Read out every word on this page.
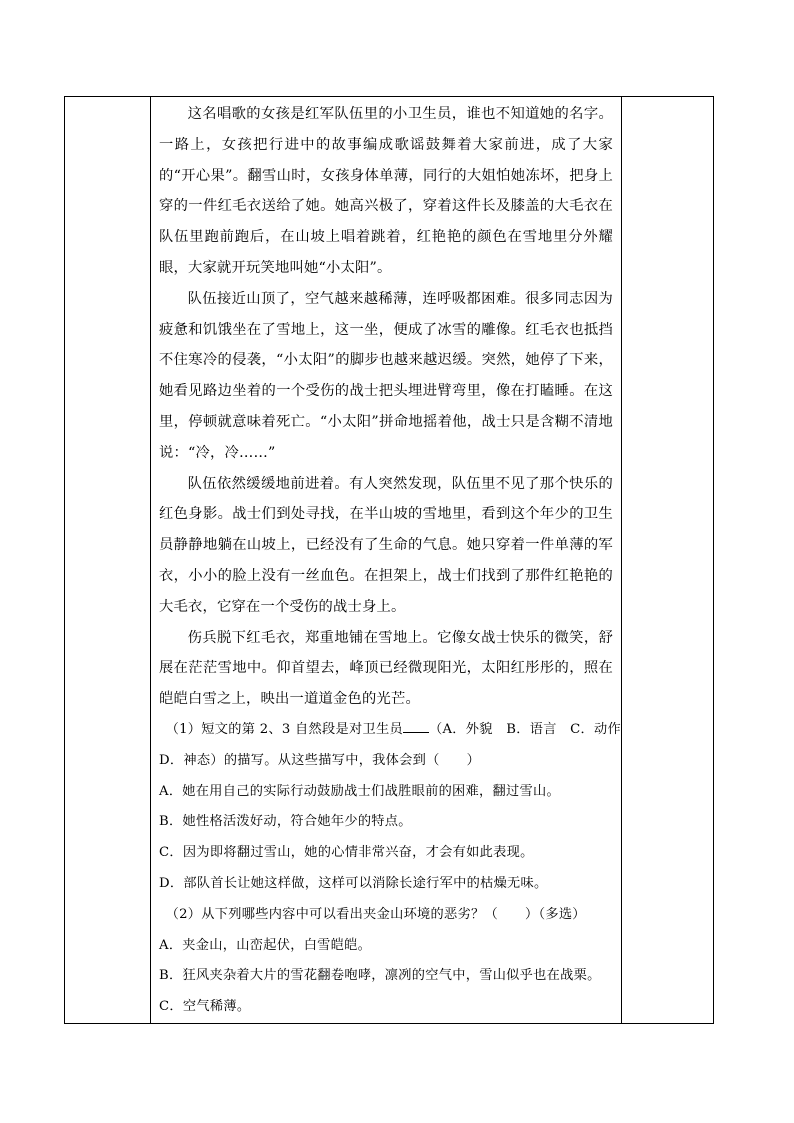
这名唱歌的女孩是红军队伍里的小卫生员，谁也不知道她的名字。一路上，女孩把行进中的故事编成歌谣鼓舞着大家前进，成了大家的“开心果”。翻雪山时，女孩身体单薄，同行的大姐怕她冻坏，把身上穿的一件红毛衣送给了她。她高兴极了，穿着这件长及膝盖的大毛衣在队伍里跑前跑后，在山坡上唱着跳着，红艳艳的颜色在雪地里分外耀眼，大家就开玩笑地叫她“小太阳”。

队伍接近山顶了，空气越来越稀薄，连呼吸都困难。很多同志因为疲惫和饥饿坐在了雪地上，这一坐，便成了冰雪的雕像。红毛衣也抵挡不住寒冷的侵袭，“小太阳”的脚步也越来越迟缓。突然，她停了下来，她看见路边坐着的一个受伤的战士把头埋进臂弯里，像在打瞌睡。在这里，停顿就意味着死亡。“小太阳”拼命地摇着他，战士只是含糊不清地说：“冷，冷……”

队伍依然缓缓地前进着。有人突然发现，队伍里不见了那个快乐的红色身影。战士们到处寻找，在半山坡的雪地里，看到这个年少的卫生员静静地躺在山坡上，已经没有了生命的气息。她只穿着一件单薄的军衣，小小的脸上没有一丝血色。在担架上，战士们找到了那件红艳艳的大毛衣，它穿在一个受伤的战士身上。

伤兵脱下红毛衣，郑重地铺在雪地上。它像女战士快乐的微笑，舒展在茫茫雪地中。仰首望去，峰顶已经微现阳光，太阳红彤彤的，照在皑皑白雪之上，映出一道道金色的光芒。

（1）短文的第 2、3 自然段是对卫生员 （A．外貌　B．语言　C．动作

D．神态）的描写。从这些描写中，我体会到（　　）

A．她在用自己的实际行动鼓励战士们战胜眼前的困难，翻过雪山。

B．她性格活泼好动，符合她年少的特点。

C．因为即将翻过雪山，她的心情非常兴奋，才会有如此表现。

D．部队首长让她这样做，这样可以消除长途行军中的枯燥无味。

（2）从下列哪些内容中可以看出夹金山环境的恶劣？（　　）（多选）

A．夹金山，山峦起伏，白雪皑皑。

B．狂风夹杂着大片的雪花翻卷咆哮，凛冽的空气中，雪山似乎也在战栗。

C．空气稀薄。
